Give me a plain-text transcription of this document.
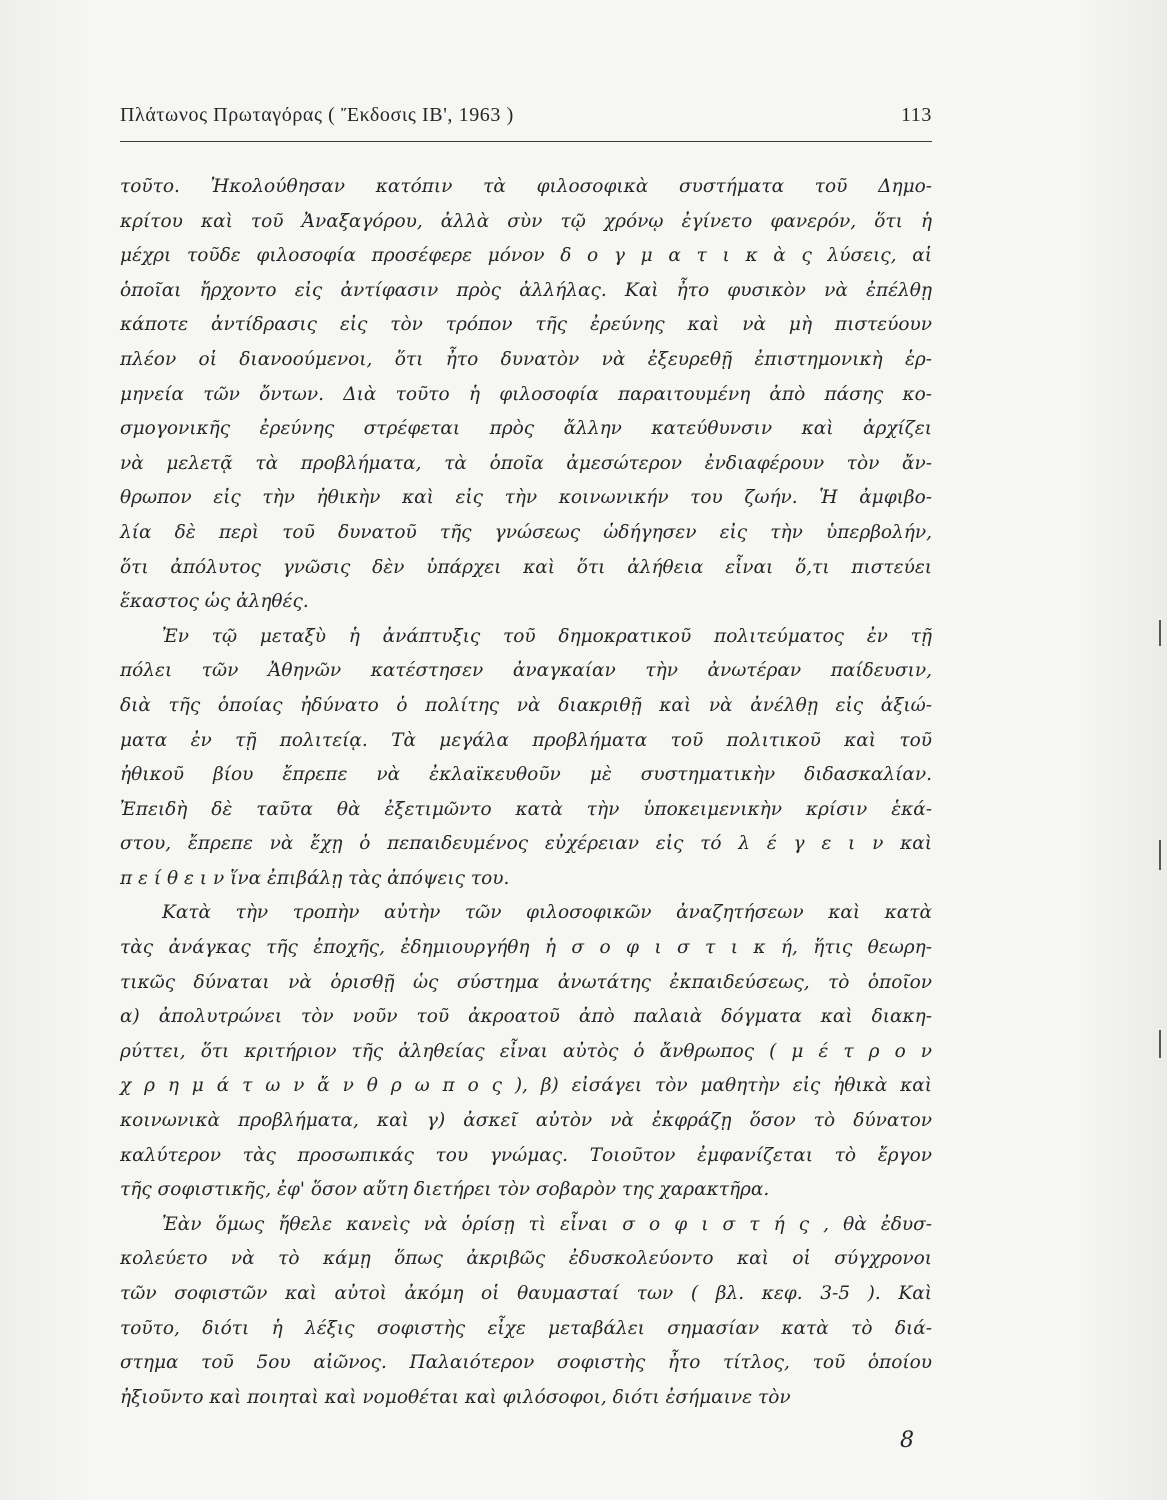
Πλάτωνος Πρωταγόρας ( Ἔκδοσις ΙΒ', 1963 )	113
τοῦτο. Ἠκολούθησαν κατόπιν τὰ φιλοσοφικὰ συστήματα τοῦ Δημο-
κρίτου καὶ τοῦ Ἀναξαγόρου, ἀλλὰ σὺν τῷ χρόνῳ ἐγίνετο φανερόν, ὅτι ἡ
μέχρι τοῦδε φιλοσοφία προσέφερε μόνον δ ο γ μ α τ ι κ ὰ ς λύσεις, αἱ
ὁποῖαι ἤρχοντο εἰς ἀντίφασιν πρὸς ἀλλήλας. Καὶ ἦτο φυσικὸν νὰ ἐπέλθῃ
κάποτε ἀντίδρασις εἰς τὸν τρόπον τῆς ἐρεύνης καὶ νὰ μὴ πιστεύουν
πλέον οἱ διανοούμενοι, ὅτι ἦτο δυνατὸν νὰ ἐξευρεθῇ ἐπιστημονικὴ ἑρ-
μηνεία τῶν ὄντων. Διὰ τοῦτο ἡ φιλοσοφία παραιτουμένη ἀπὸ πάσης κο-
σμογονικῆς ἐρεύνης στρέφεται πρὸς ἄλλην κατεύθυνσιν καὶ ἀρχίζει
νὰ μελετᾷ τὰ προβλήματα, τὰ ὁποῖα ἀμεσώτερον ἐνδιαφέρουν τὸν ἄν-
θρωπον εἰς τὴν ἠθικὴν καὶ εἰς τὴν κοινωνικήν του ζωήν. Ἡ ἀμφιβο-
λία δὲ περὶ τοῦ δυνατοῦ τῆς γνώσεως ὡδήγησεν εἰς τὴν ὑπερβολήν,
ὅτι ἀπόλυτος γνῶσις δὲν ὑπάρχει καὶ ὅτι ἀλήθεια εἶναι ὅ,τι πιστεύει
ἕκαστος ὡς ἀληθές.
Ἐν τῷ μεταξὺ ἡ ἀνάπτυξις τοῦ δημοκρατικοῦ πολιτεύματος ἐν τῇ
πόλει τῶν Ἀθηνῶν κατέστησεν ἀναγκαίαν τὴν ἀνωτέραν παίδευσιν,
διὰ τῆς ὁποίας ἠδύνατο ὁ πολίτης νὰ διακριθῇ καὶ νὰ ἀνέλθῃ εἰς ἀξιώ-
ματα ἐν τῇ πολιτείᾳ. Τὰ μεγάλα προβλήματα τοῦ πολιτικοῦ καὶ τοῦ
ἠθικοῦ βίου ἔπρεπε νὰ ἐκλαϊκευθοῦν μὲ συστηματικὴν διδασκαλίαν.
Ἐπειδὴ δὲ ταῦτα θὰ ἐξετιμῶντο κατὰ τὴν ὑποκειμενικὴν κρίσιν ἑκά-
στου, ἔπρεπε νὰ ἔχῃ ὁ πεπαιδευμένος εὐχέρειαν εἰς τό λ έ γ ε ι ν καὶ
π ε ί θ ε ι ν ἵνα ἐπιβάλῃ τὰς ἀπόψεις του.
Κατὰ τὴν τροπὴν αὐτὴν τῶν φιλοσοφικῶν ἀναζητήσεων καὶ κατὰ
τὰς ἀνάγκας τῆς ἐποχῆς, ἐδημιουργήθη ἡ σ ο φ ι σ τ ι κ ή, ἥτις θεωρη-
τικῶς δύναται νὰ ὁρισθῇ ὡς σύστημα ἀνωτάτης ἐκπαιδεύσεως, τὸ ὁποῖον
α) ἀπολυτρώνει τὸν νοῦν τοῦ ἀκροατοῦ ἀπὸ παλαιὰ δόγματα καὶ διακη-
ρύττει, ὅτι κριτήριον τῆς ἀληθείας εἶναι αὐτὸς ὁ ἄνθρωπος ( μ έ τ ρ ο ν
χ ρ η μ ά τ ω ν ἄ ν θ ρ ω π ο ς ), β) εἰσάγει τὸν μαθητὴν εἰς ἠθικὰ καὶ
κοινωνικὰ προβλήματα, καὶ γ) ἀσκεῖ αὐτὸν νὰ ἐκφράζῃ ὅσον τὸ δύνατον
καλύτερον τὰς προσωπικάς του γνώμας. Τοιοῦτον ἐμφανίζεται τὸ ἔργον
τῆς σοφιστικῆς, ἐφ' ὅσον αὕτη διετήρει τὸν σοβαρὸν της χαρακτῆρα.
Ἐὰν ὅμως ἤθελε κανεὶς νὰ ὁρίσῃ τὶ εἶναι σ ο φ ι σ τ ή ς , θὰ ἐδυσ-
κολεύετο νὰ τὸ κάμῃ ὅπως ἀκριβῶς ἐδυσκολεύοντο καὶ οἱ σύγχρονοι
τῶν σοφιστῶν καὶ αὐτοὶ ἀκόμη οἱ θαυμασταί των ( βλ. κεφ. 3-5 ). Καὶ
τοῦτο, διότι ἡ λέξις σοφιστὴς εἶχε μεταβάλει σημασίαν κατὰ τὸ διά-
στημα τοῦ 5ου αἰῶνος. Παλαιότερον σοφιστὴς ἦτο τίτλος, τοῦ ὁποίου
ἠξιοῦντο καὶ ποιηταὶ καὶ νομοθέται καὶ φιλόσοφοι, διότι ἐσήμαινε τὸν
8
